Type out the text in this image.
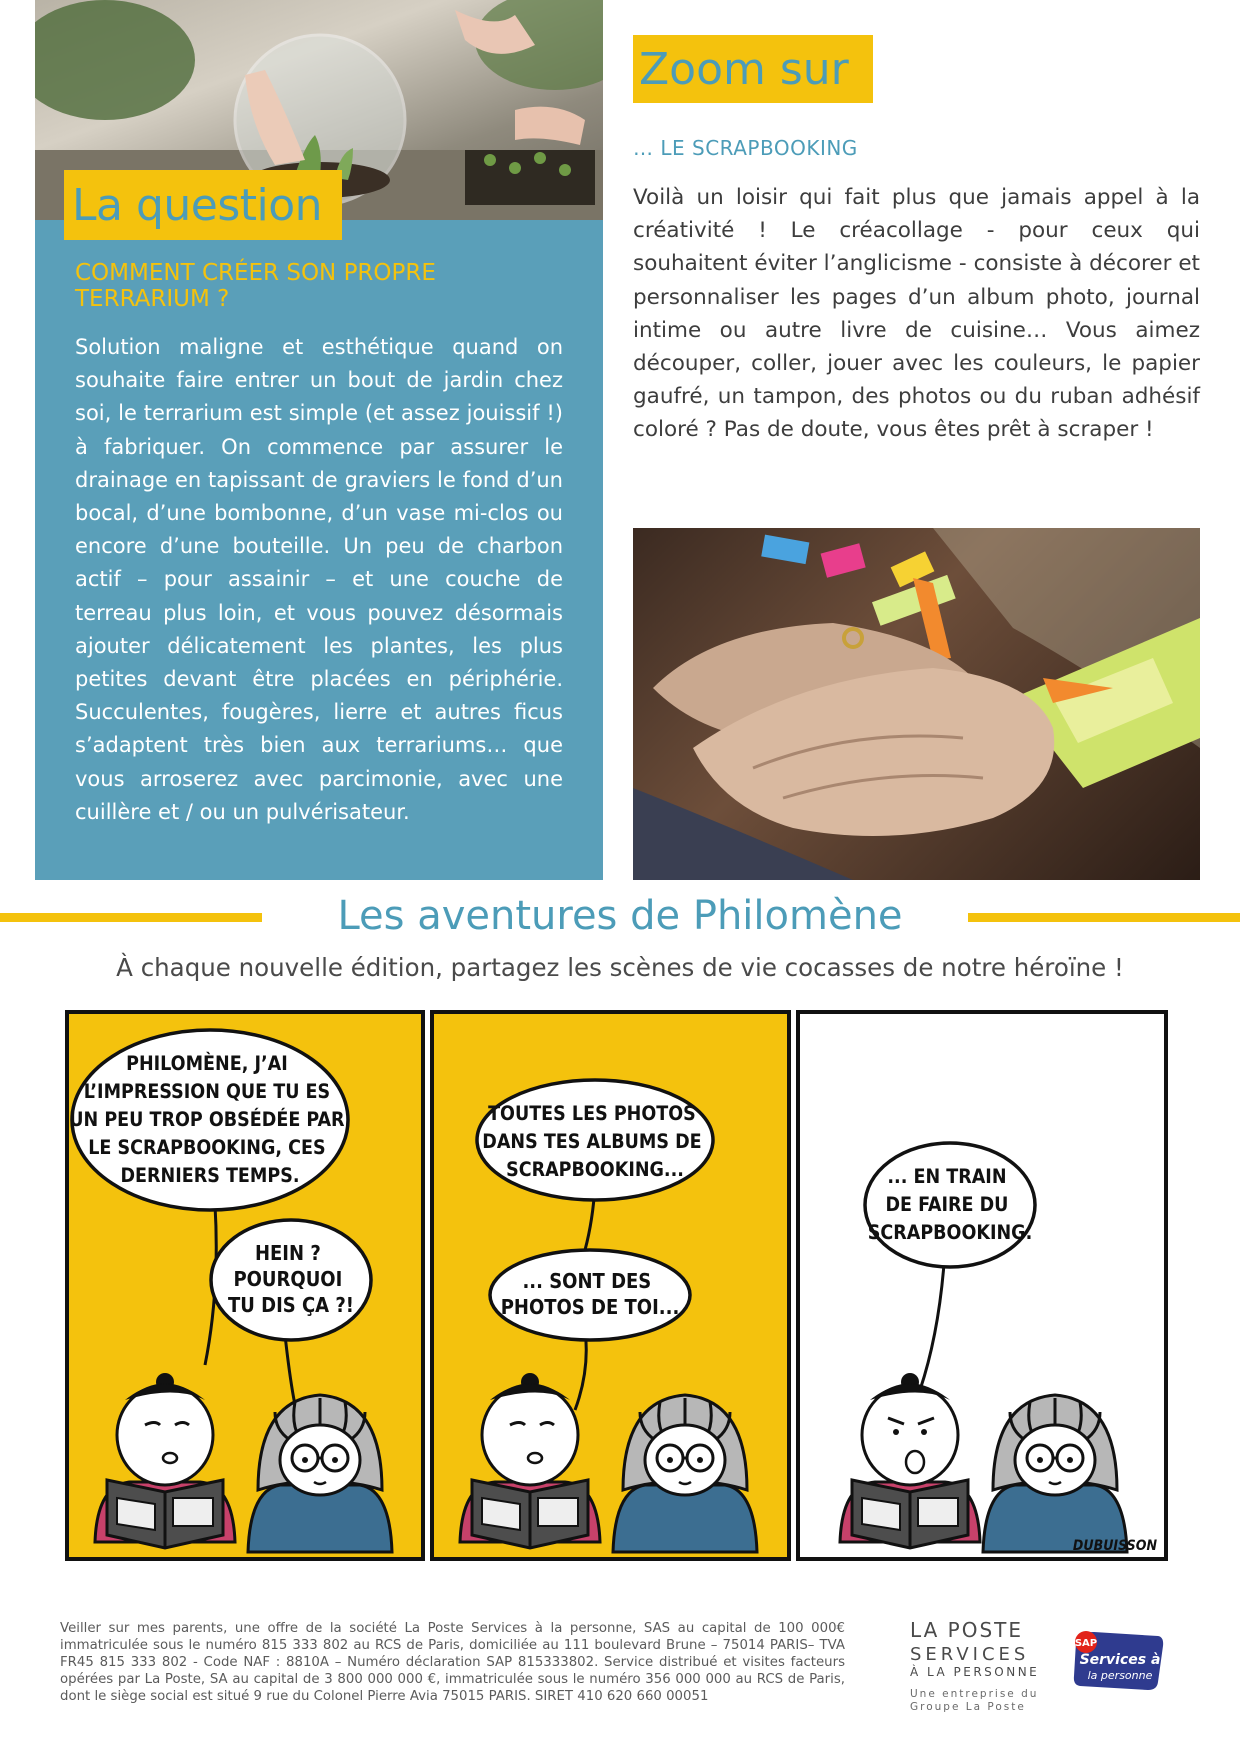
La question
COMMENT CRÉER SON PROPRE
TERRARIUM ?
Solution maligne et esthétique quand on souhaite faire entrer un bout de jardin chez soi, le terrarium est simple (et assez jouissif !) à fabriquer. On commence par assurer le drainage en tapissant de graviers le fond d’un bocal, d’une bombonne, d’un vase mi-clos ou encore d’une bouteille. Un peu de charbon actif – pour assainir – et une couche de terreau plus loin, et vous pouvez désormais ajouter délicatement les plantes, les plus petites devant être placées en périphérie. Succulentes, fougères, lierre et autres ficus s’adaptent très bien aux terrariums… que vous arroserez avec parcimonie, avec une cuillère et / ou un pulvérisateur.
Zoom sur
… LE SCRAPBOOKING
Voilà un loisir qui fait plus que jamais appel à la créativité ! Le créacollage - pour ceux qui souhaitent éviter l’anglicisme - consiste à décorer et personnaliser les pages d’un album photo, journal intime ou autre livre de cuisine… Vous aimez découper, coller, jouer avec les couleurs, le papier gaufré, un tampon, des photos ou du ruban adhésif coloré ? Pas de doute, vous êtes prêt à scraper !
Les aventures de Philomène
À chaque nouvelle édition, partagez les scènes de vie cocasses de notre héroïne !
PHILOMÈNE, J’AI L’IMPRESSION QUE TU ES UN PEU TROP OBSÉDÉE PAR LE SCRAPBOOKING, CES DERNIERS TEMPS.
HEIN ? POURQUOI TU DIS ÇA ?!
TOUTES LES PHOTOS DANS TES ALBUMS DE SCRAPBOOKING...
... SONT DES PHOTOS DE TOI...
... EN TRAIN DE FAIRE DU SCRAPBOOKING.
DUBUISSON
Veiller sur mes parents, une offre de la société La Poste Services à la personne, SAS au capital de 100 000€ immatriculée sous le numéro 815 333 802 au RCS de Paris, domiciliée au 111 boulevard Brune – 75014 PARIS– TVA FR45 815 333 802 - Code NAF : 8810A – Numéro déclaration SAP 815333802. Service distribué et visites facteurs opérées par La Poste, SA au capital de 3 800 000 000 €, immatriculée sous le numéro 356 000 000 au RCS de Paris, dont le siège social est situé 9 rue du Colonel Pierre Avia 75015 PARIS. SIRET 410 620 660 00051
LA POSTE
SERVICES
À LA PERSONNE
Une entreprise du
Groupe La Poste
SAP
Services à
la personne
